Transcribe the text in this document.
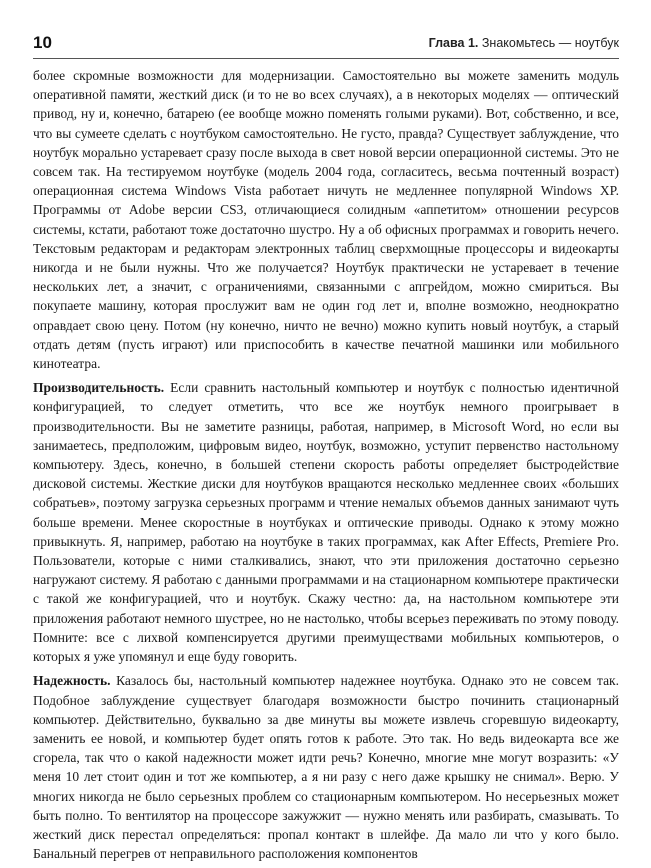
10	Глава 1. Знакомьтесь — ноутбук

более скромные возможности для модернизации. Самостоятельно вы можете заменить модуль оперативной памяти, жесткий диск (и то не во всех случаях), а в некоторых моделях — оптический привод, ну и, конечно, батарею (ее вообще можно поменять голыми руками). Вот, собственно, и все, что вы сумеете сделать с ноутбуком самостоятельно. Не густо, правда? Существует заблуждение, что ноутбук морально устаревает сразу после выхода в свет новой версии операционной системы. Это не совсем так. На тестируемом ноутбуке (модель 2004 года, согласитесь, весьма почтенный возраст) операционная система Windows Vista работает ничуть не медленнее популярной Windows XP. Программы от Adobe версии CS3, отличающиеся солидным «аппетитом» отношении ресурсов системы, кстати, работают тоже достаточно шустро. Ну а об офисных программах и говорить нечего. Текстовым редакторам и редакторам электронных таблиц сверхмощные процессоры и видеокарты никогда и не были нужны. Что же получается? Ноутбук практически не устаревает в течение нескольких лет, а значит, с ограничениями, связанными с апгрейдом, можно смириться. Вы покупаете машину, которая прослужит вам не один год лет и, вполне возможно, неоднократно оправдает свою цену. Потом (ну конечно, ничто не вечно) можно купить новый ноутбук, а старый отдать детям (пусть играют) или приспособить в качестве печатной машинки или мобильного кинотеатра.

Производительность. Если сравнить настольный компьютер и ноутбук с полностью идентичной конфигурацией, то следует отметить, что все же ноутбук немного проигрывает в производительности. Вы не заметите разницы, работая, например, в Microsoft Word, но если вы занимаетесь, предположим, цифровым видео, ноутбук, возможно, уступит первенство настольному компьютеру. Здесь, конечно, в большей степени скорость работы определяет быстродействие дисковой системы. Жесткие диски для ноутбуков вращаются несколько медленнее своих «больших собратьев», поэтому загрузка серьезных программ и чтение немалых объемов данных занимают чуть больше времени. Менее скоростные в ноутбуках и оптические приводы. Однако к этому можно привыкнуть. Я, например, работаю на ноутбуке в таких программах, как After Effects, Premiere Pro. Пользователи, которые с ними сталкивались, знают, что эти приложения достаточно серьезно нагружают систему. Я работаю с данными программами и на стационарном компьютере практически с такой же конфигурацией, что и ноутбук. Скажу честно: да, на настольном компьютере эти приложения работают немного шустрее, но не настолько, чтобы всерьез переживать по этому поводу. Помните: все с лихвой компенсируется другими преимуществами мобильных компьютеров, о которых я уже упомянул и еще буду говорить.

Надежность. Казалось бы, настольный компьютер надежнее ноутбука. Однако это не совсем так. Подобное заблуждение существует благодаря возможности быстро починить стационарный компьютер. Действительно, буквально за две минуты вы можете извлечь сгоревшую видеокарту, заменить ее новой, и компьютер будет опять готов к работе. Это так. Но ведь видеокарта все же сгорела, так что о какой надежности может идти речь? Конечно, многие мне могут возразить: «У меня 10 лет стоит один и тот же компьютер, а я ни разу с него даже крышку не снимал». Верю. У многих никогда не было серьезных проблем со стационарным компьютером. Но несерьезных может быть полно. То вентилятор на процессоре зажужжит — нужно менять или разбирать, смазывать. То жесткий диск перестал определяться: пропал контакт в шлейфе. Да мало ли что у кого было. Банальный перегрев от неправильного расположения компонентов
